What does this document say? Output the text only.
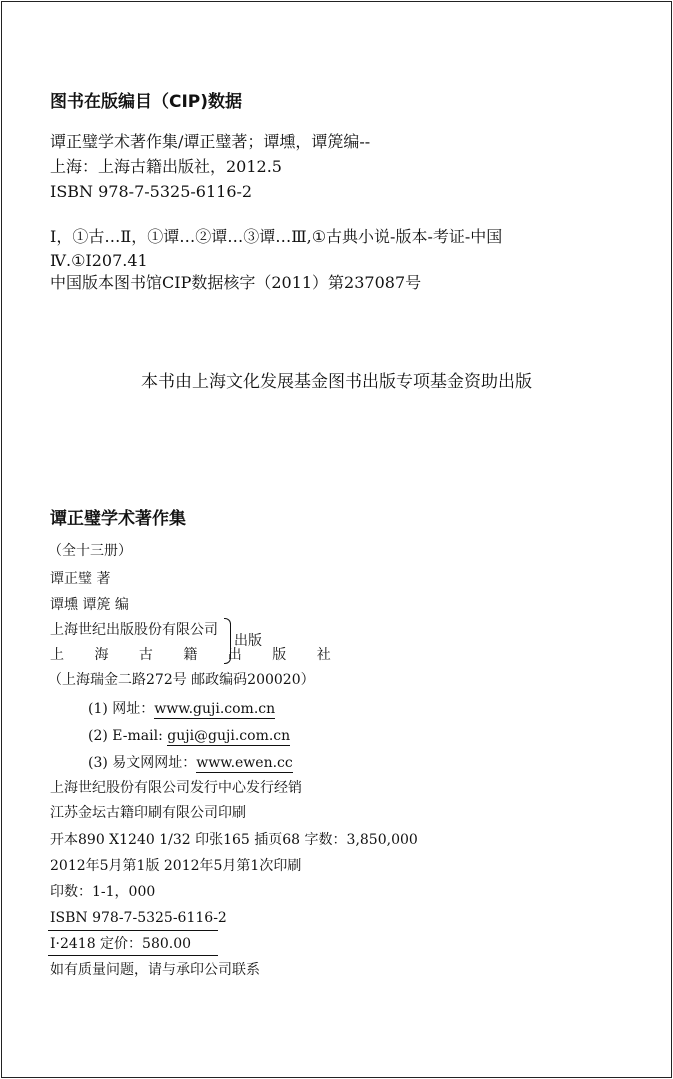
图书在版编目（CIP)数据
谭正璧学术著作集/谭正璧著；谭壎，谭箎编--
上海：上海古籍出版社，2012.5
ISBN 978-7-5325-6116-2
Ⅰ，①古…Ⅱ，①谭…②谭…③谭…Ⅲ,①古典小说-版本-考证-中国
Ⅳ.①Ⅰ207.41
中国版本图书馆CIP数据核字（2011）第237087号
本书由上海文化发展基金图书出版专项基金资助出版
谭正璧学术著作集
（全十三册）
谭正璧 著
谭壎 谭箎 编
上海世纪出版股份有限公司
上 海 古 籍 出 版 社
出版
（上海瑞金二路272号 邮政编码200020）
(1) 网址：www.guji.com.cn
(2) E-mail: guji@guji.com.cn
(3) 易文网网址：www.ewen.cc
上海世纪股份有限公司发行中心发行经销
江苏金坛古籍印刷有限公司印刷
开本890 X1240 1/32 印张165 插页68 字数：3,850,000
2012年5月第1版 2012年5月第1次印刷
印数：1-1，000
ISBN 978-7-5325-6116-2
Ⅰ·2418 定价：580.00
如有质量问题，请与承印公司联系
